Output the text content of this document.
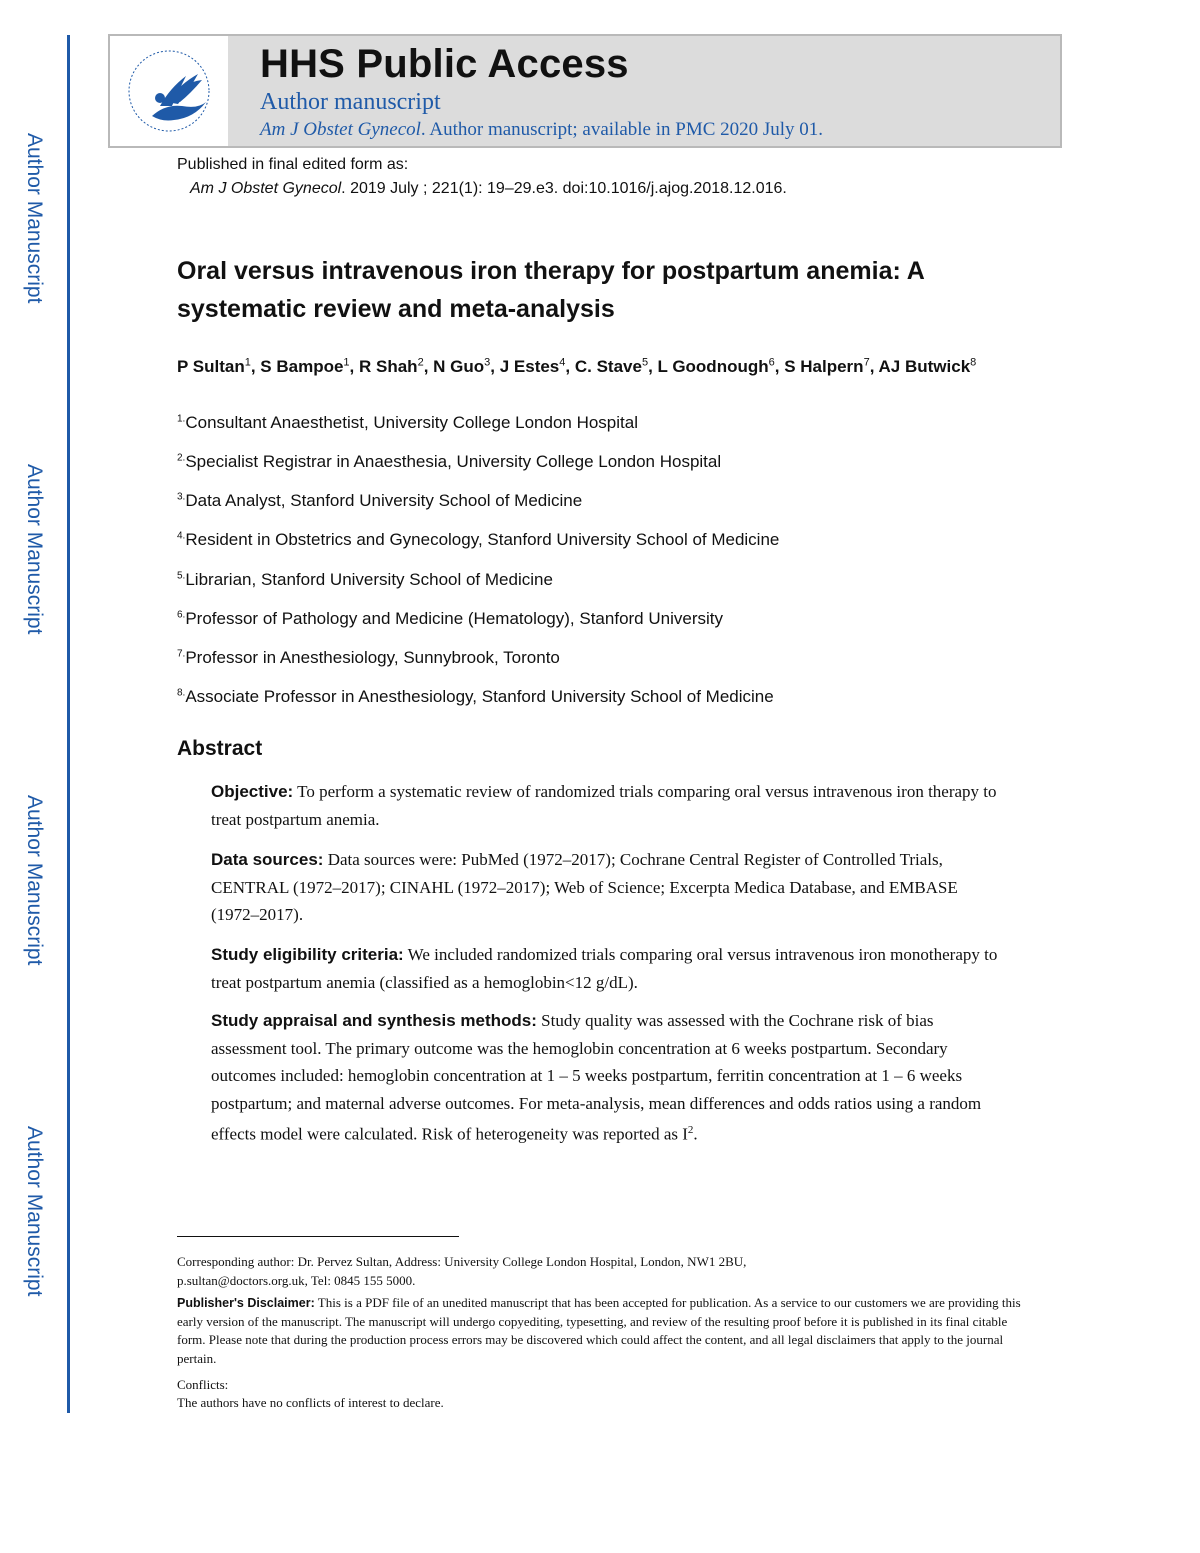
Author Manuscript
Author Manuscript
Author Manuscript
Author Manuscript
HHS Public Access
Author manuscript
Am J Obstet Gynecol. Author manuscript; available in PMC 2020 July 01.
Published in final edited form as:
Am J Obstet Gynecol. 2019 July ; 221(1): 19–29.e3. doi:10.1016/j.ajog.2018.12.016.
Oral versus intravenous iron therapy for postpartum anemia: A systematic review and meta-analysis
P Sultan$^1$, S Bampoe$^1$, R Shah$^2$, N Guo$^3$, J Estes$^4$, C. Stave$^5$, L Goodnough$^6$, S Halpern$^7$, AJ Butwick$^8$
$^{1.}$Consultant Anaesthetist, University College London Hospital
$^{2.}$Specialist Registrar in Anaesthesia, University College London Hospital
$^{3.}$Data Analyst, Stanford University School of Medicine
$^{4.}$Resident in Obstetrics and Gynecology, Stanford University School of Medicine
$^{5.}$Librarian, Stanford University School of Medicine
$^{6.}$Professor of Pathology and Medicine (Hematology), Stanford University
$^{7.}$Professor in Anesthesiology, Sunnybrook, Toronto
$^{8.}$Associate Professor in Anesthesiology, Stanford University School of Medicine
Abstract
Objective: To perform a systematic review of randomized trials comparing oral versus intravenous iron therapy to treat postpartum anemia.
Data sources: Data sources were: PubMed (1972–2017); Cochrane Central Register of Controlled Trials, CENTRAL (1972–2017); CINAHL (1972–2017); Web of Science; Excerpta Medica Database, and EMBASE (1972–2017).
Study eligibility criteria: We included randomized trials comparing oral versus intravenous iron monotherapy to treat postpartum anemia (classified as a hemoglobin<12 g/dL).
Study appraisal and synthesis methods: Study quality was assessed with the Cochrane risk of bias assessment tool. The primary outcome was the hemoglobin concentration at 6 weeks postpartum. Secondary outcomes included: hemoglobin concentration at 1 – 5 weeks postpartum, ferritin concentration at 1 – 6 weeks postpartum; and maternal adverse outcomes. For meta-analysis, mean differences and odds ratios using a random effects model were calculated. Risk of heterogeneity was reported as $I^2$.
Corresponding author: Dr. Pervez Sultan, Address: University College London Hospital, London, NW1 2BU, p.sultan@doctors.org.uk, Tel: 0845 155 5000.
Publisher's Disclaimer: This is a PDF file of an unedited manuscript that has been accepted for publication. As a service to our customers we are providing this early version of the manuscript. The manuscript will undergo copyediting, typesetting, and review of the resulting proof before it is published in its final citable form. Please note that during the production process errors may be discovered which could affect the content, and all legal disclaimers that apply to the journal pertain.
Conflicts:
The authors have no conflicts of interest to declare.
